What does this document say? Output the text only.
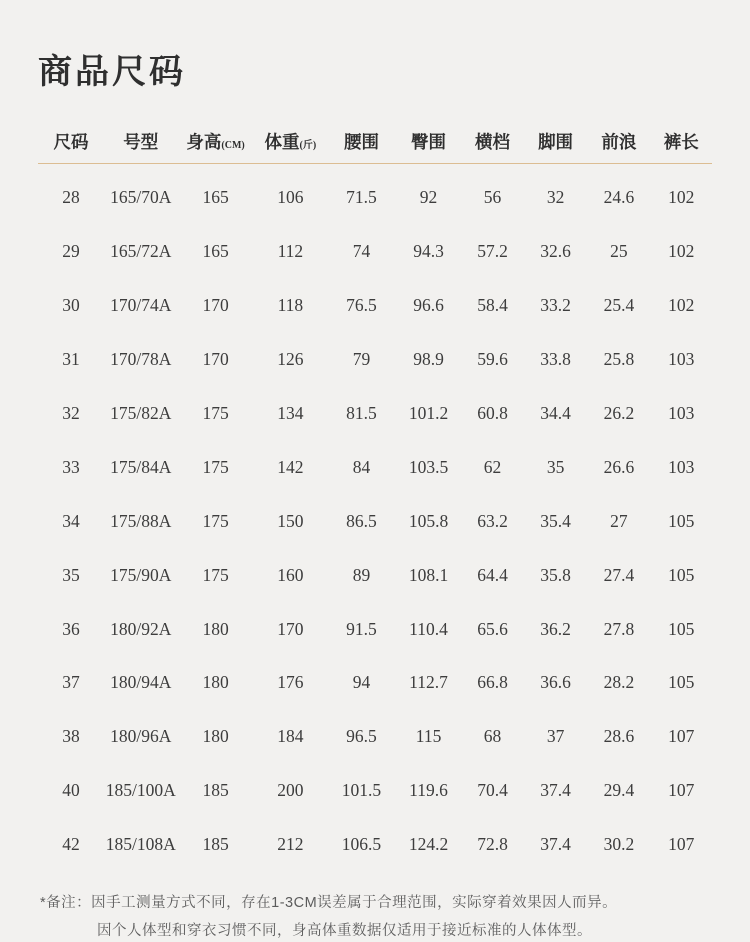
商品尺码
尺码	号型	身高(CM)	体重(斤)	腰围	臀围	横档	脚围	前浪	裤长
28	165/70A	165	106	71.5	92	56	32	24.6	102
29	165/72A	165	112	74	94.3	57.2	32.6	25	102
30	170/74A	170	118	76.5	96.6	58.4	33.2	25.4	102
31	170/78A	170	126	79	98.9	59.6	33.8	25.8	103
32	175/82A	175	134	81.5	101.2	60.8	34.4	26.2	103
33	175/84A	175	142	84	103.5	62	35	26.6	103
34	175/88A	175	150	86.5	105.8	63.2	35.4	27	105
35	175/90A	175	160	89	108.1	64.4	35.8	27.4	105
36	180/92A	180	170	91.5	110.4	65.6	36.2	27.8	105
37	180/94A	180	176	94	112.7	66.8	36.6	28.2	105
38	180/96A	180	184	96.5	115	68	37	28.6	107
40	185/100A	185	200	101.5	119.6	70.4	37.4	29.4	107
42	185/108A	185	212	106.5	124.2	72.8	37.4	30.2	107
*备注：因手工测量方式不同，存在1-3CM误差属于合理范围，实际穿着效果因人而异。
因个人体型和穿衣习惯不同，身高体重数据仅适用于接近标准的人体体型。
